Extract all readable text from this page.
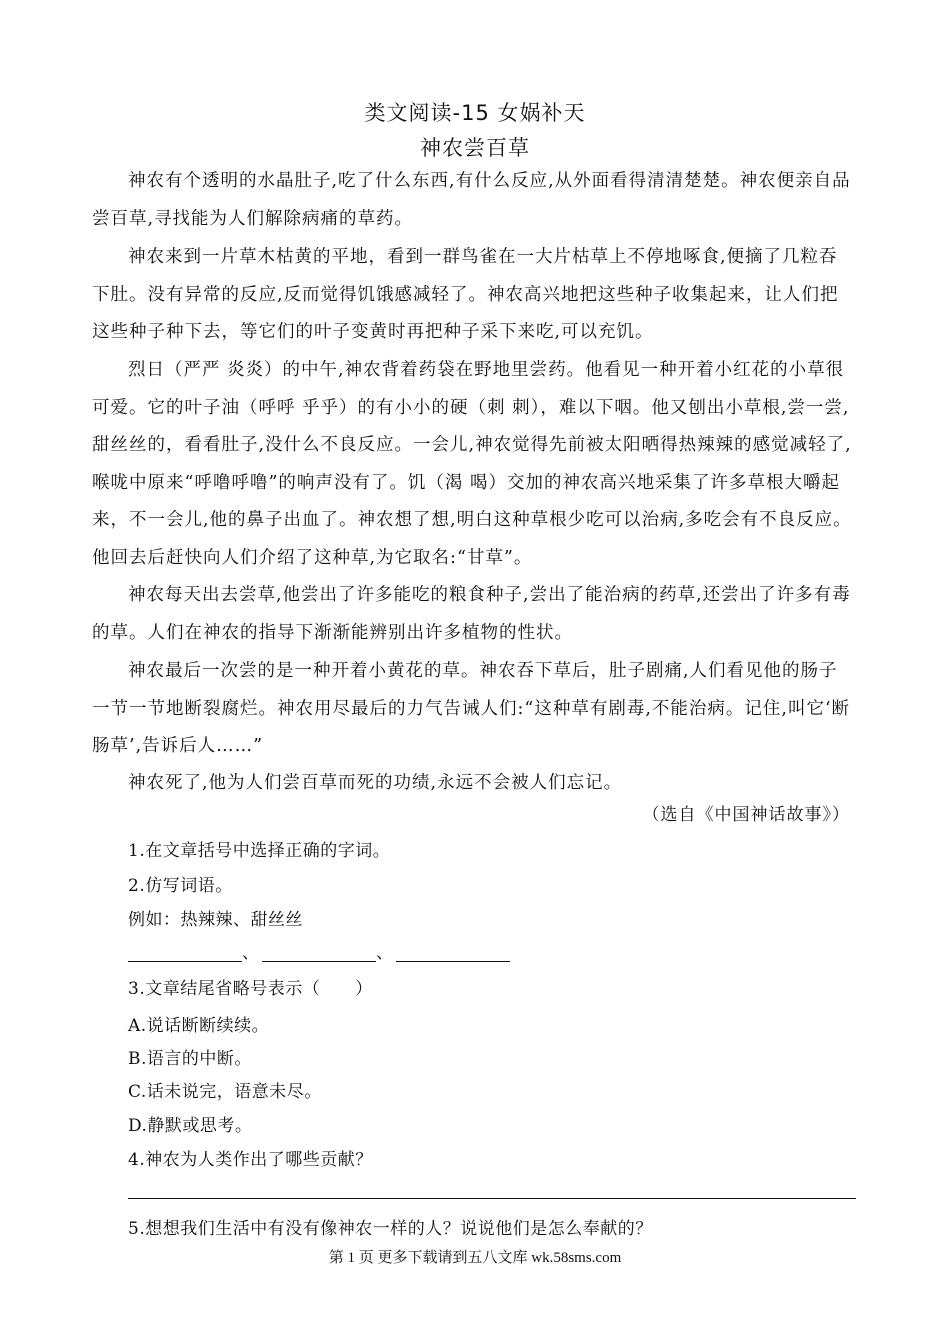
类文阅读-15 女娲补天
神农尝百草

神农有个透明的水晶肚子,吃了什么东西,有什么反应,从外面看得清清楚楚。神农便亲自品尝百草,寻找能为人们解除病痛的草药。

神农来到一片草木枯黄的平地，看到一群鸟雀在一大片枯草上不停地啄食,便摘了几粒吞下肚。没有异常的反应,反而觉得饥饿感减轻了。神农高兴地把这些种子收集起来，让人们把这些种子种下去，等它们的叶子变黄时再把种子采下来吃,可以充饥。

烈日（严严 炎炎）的中午,神农背着药袋在野地里尝药。他看见一种开着小红花的小草很可爱。它的叶子油（呼呼 乎乎）的有小小的硬（刺 刺），难以下咽。他又刨出小草根,尝一尝,甜丝丝的，看看肚子,没什么不良反应。一会儿,神农觉得先前被太阳晒得热辣辣的感觉减轻了,喉咙中原来“呼噜呼噜”的响声没有了。饥（渴 喝）交加的神农高兴地采集了许多草根大嚼起来，不一会儿,他的鼻子出血了。神农想了想,明白这种草根少吃可以治病,多吃会有不良反应。他回去后赶快向人们介绍了这种草,为它取名:“甘草”。

神农每天出去尝草,他尝出了许多能吃的粮食种子,尝出了能治病的药草,还尝出了许多有毒的草。人们在神农的指导下渐渐能辨别出许多植物的性状。

神农最后一次尝的是一种开着小黄花的草。神农吞下草后，肚子剧痛,人们看见他的肠子一节一节地断裂腐烂。神农用尽最后的力气告诫人们:“这种草有剧毒,不能治病。记住,叫它‘断肠草’,告诉后人……”

神农死了,他为人们尝百草而死的功绩,永远不会被人们忘记。

（选自《中国神话故事》）
1.在文章括号中选择正确的字词。
2.仿写词语。
例如：热辣辣、甜丝丝
、	、
3.文章结尾省略号表示（　　）
A.说话断断续续。
B.语言的中断。
C.话未说完，语意未尽。
D.静默或思考。
4.神农为人类作出了哪些贡献？
5.想想我们生活中有没有像神农一样的人？说说他们是怎么奉献的？
第 1 页 更多下载请到五八文库 wk.58sms.com
